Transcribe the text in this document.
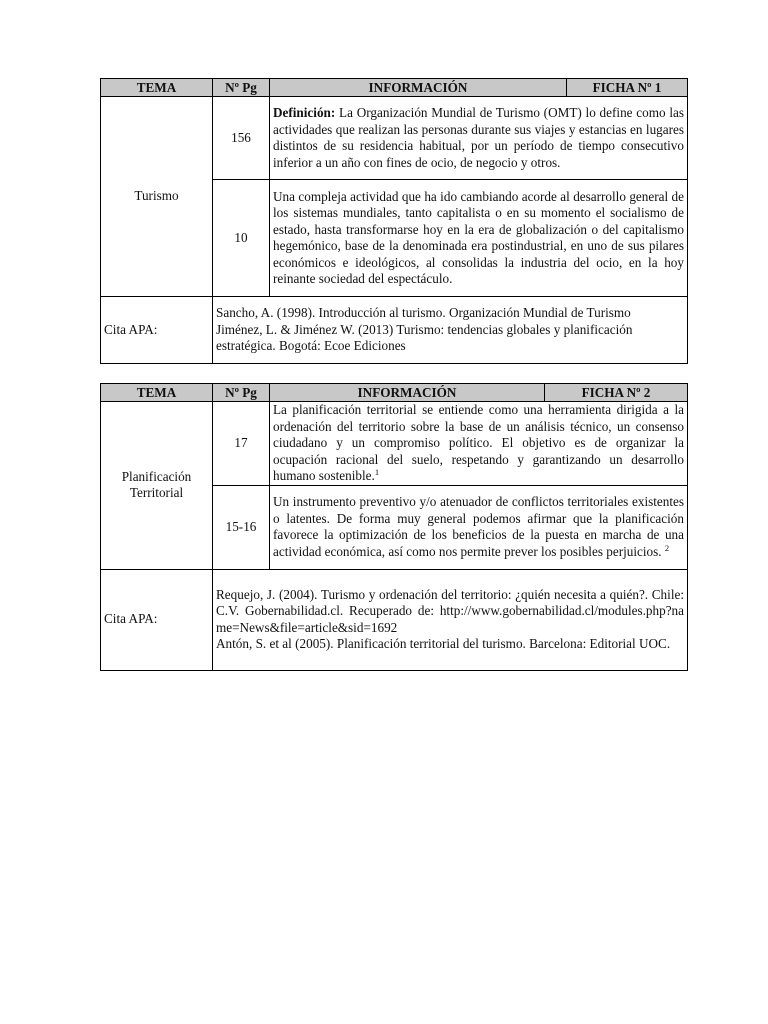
TEMA	Nº Pg	INFORMACIÓN	FICHA Nº 1
Turismo	156	Definición: La Organización Mundial de Turismo (OMT) lo define como las actividades que realizan las personas durante sus viajes y estancias en lugares distintos de su residencia habitual, por un período de tiempo consecutivo inferior a un año con fines de ocio, de negocio y otros.	
	10	Una compleja actividad que ha ido cambiando acorde al desarrollo general de los sistemas mundiales, tanto capitalista o en su momento el socialismo de estado, hasta transformarse hoy en la era de globalización o del capitalismo hegemónico, base de la denominada era postindustrial, en uno de sus pilares económicos e ideológicos, al consolidas la industria del ocio, en la hoy reinante sociedad del espectáculo.	
Cita APA:	Sancho, A. (1998). Introducción al turismo. Organización Mundial de Turismo
Jiménez, L. & Jiménez W. (2013) Turismo: tendencias globales y planificación estratégica. Bogotá: Ecoe Ediciones		
TEMA	Nº Pg	INFORMACIÓN	FICHA Nº 2
Planificación Territorial	17	La planificación territorial se entiende como una herramienta dirigida a la ordenación del territorio sobre la base de un análisis técnico, un consenso ciudadano y un compromiso político. El objetivo es de organizar la ocupación racional del suelo, respetando y garantizando un desarrollo humano sostenible.$^1$
	15-16	Un instrumento preventivo y/o atenuador de conflictos territoriales existentes o latentes. De forma muy general podemos afirmar que la planificación favorece la optimización de los beneficios de la puesta en marcha de una actividad económica, así como nos permite prever los posibles perjuicios. $^2$
Cita APA:	Requejo, J. (2004). Turismo y ordenación del territorio: ¿quién necesita a quién?. Chile: C.V. Gobernabilidad.cl. Recuperado de: http://www.gobernabilidad.cl/modules.php?name=News&file=article&sid=1692
Antón, S. et al (2005). Planificación territorial del turismo. Barcelona: Editorial UOC.		
